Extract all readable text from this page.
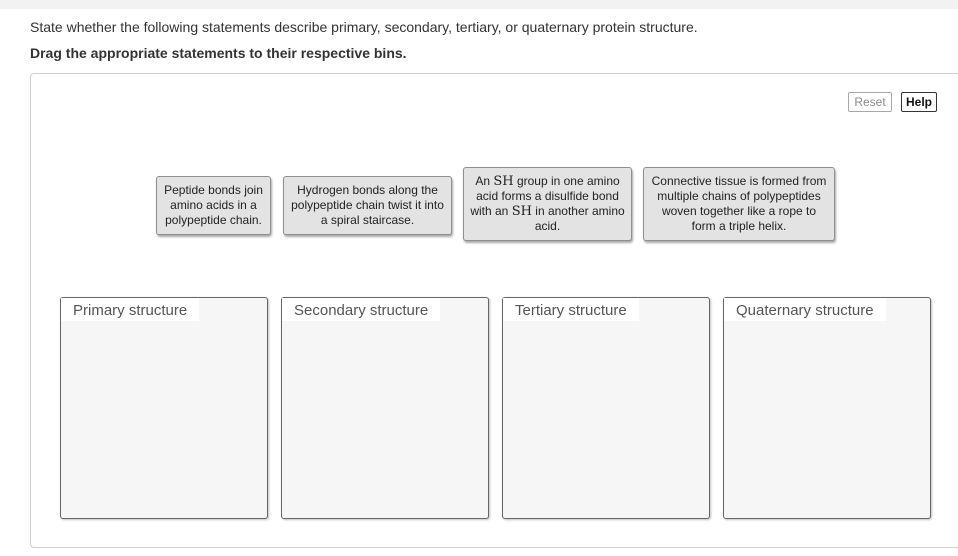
State whether the following statements describe primary, secondary, tertiary, or quaternary protein structure.
Drag the appropriate statements to their respective bins.
Reset	Help
Peptide bonds join amino acids in a polypeptide chain.
Hydrogen bonds along the polypeptide chain twist it into a spiral staircase.
An SH group in one amino acid forms a disulfide bond with an SH in another amino acid.
Connective tissue is formed from multiple chains of polypeptides woven together like a rope to form a triple helix.
Primary structure	Secondary structure	Tertiary structure	Quaternary structure
